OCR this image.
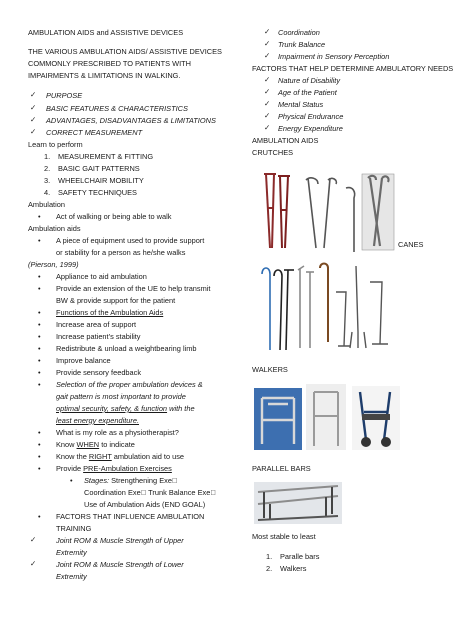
AMBULATION AIDS and ASSISTIVE DEVICES
THE VARIOUS AMBULATION AIDS/ ASSISTIVE DEVICES
COMMONLY PRESCRIBED TO PATIENTS WITH
IMPAIRMENTS & LIMITATIONS IN WALKING.
✓ PURPOSE
✓ BASIC FEATURES & CHARACTERISTICS
✓ ADVANTAGES, DISADVANTAGES & LIMITATIONS
✓ CORRECT MEASUREMENT
Learn to perform
1. MEASUREMENT & FITTING
2. BASIC GAIT PATTERNS
3. WHEELCHAIR MOBILITY
4. SAFETY TECHNIQUES
Ambulation
• Act of walking or being able to walk
Ambulation aids
• A piece of equipment used to provide support
or stability for a person as he/she walks
(Pierson, 1999)
• Appliance to aid ambulation
• Provide an extension of the UE to help transmit
BW & provide support for the patient
• Functions of the Ambulation Aids
• Increase area of support
• Increase patient’s stability
• Redistribute & unload a weightbearing limb
• Improve balance
• Provide sensory feedback
• Selection of the proper ambulation devices &
gait pattern is most important to provide
optimal security, safety, & function with the
least energy expenditure.
• What is my role as a physiotherapist?
• Know WHEN to indicate
• Know the RIGHT ambulation aid to use
• Provide PRE-Ambulation Exercises
• Stages: Strengthening Exe 
Coordination Exe  Trunk Balance Exe 
Use of Ambulation Aids (END GOAL)
• FACTORS THAT INFLUENCE AMBULATION
TRAINING
✓	Joint ROM & Muscle Strength of Upper
Extremity
✓	Joint ROM & Muscle Strength of Lower
Extremity
✓ Coordination
✓ Trunk Balance
✓ Impairment in Sensory Perception
FACTORS THAT HELP DETERMINE AMBULATORY NEEDS
✓ Nature of Disability
✓ Age of the Patient
✓ Mental Status
✓ Physical Endurance
✓ Energy Expenditure
AMBULATION AIDS
CRUTCHES
CANES
WALKERS
PARALLEL BARS
Most stable to least
1. Paralle bars
2. Walkers
